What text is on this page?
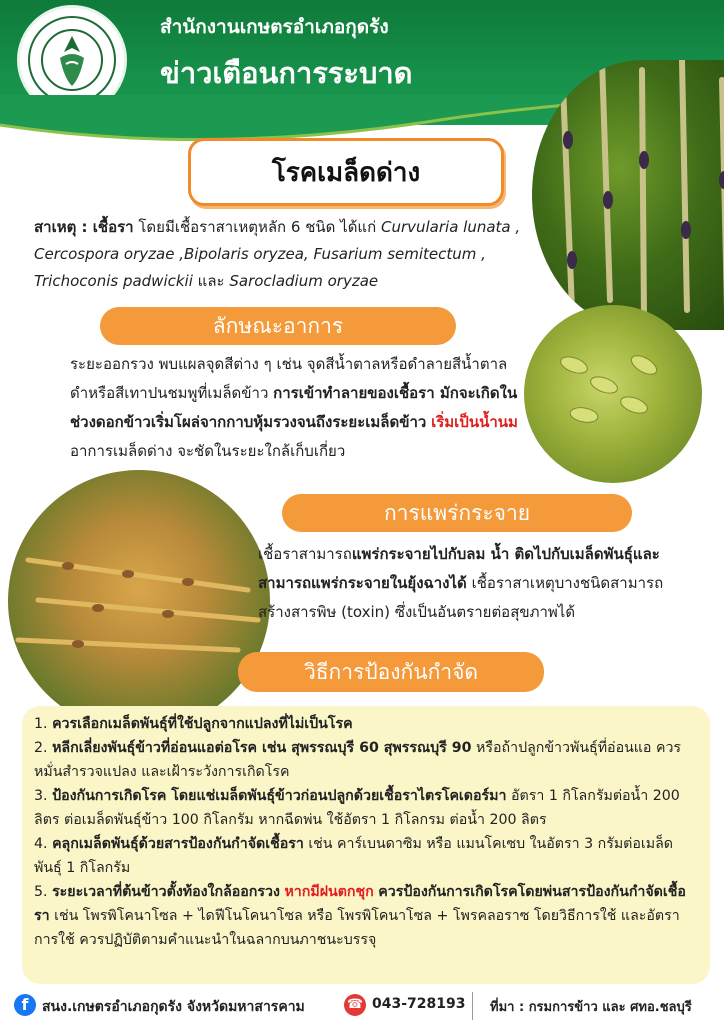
สำนักงานเกษตรอำเภอกุดรัง
ข่าวเตือนการระบาด
โรคเมล็ดด่าง
สาเหตุ : เชื้อรา โดยมีเชื้อราสาเหตุหลัก 6 ชนิด ได้แก่ Curvularia lunata ,
Cercospora oryzae ,Bipolaris oryzea, Fusarium semitectum ,
Trichoconis padwickii และ Sarocladium oryzae
ลักษณะอาการ
ระยะออกรวง พบแผลจุดสีต่าง ๆ เช่น จุดสีน้ำตาลหรือดำลายสีน้ำตาล
ดำหรือสีเทาปนชมพูที่เมล็ดข้าว การเข้าทำลายของเชื้อรา มักจะเกิดใน
ช่วงดอกข้าวเริ่มโผล่จากกาบหุ้มรวงจนถึงระยะเมล็ดข้าว เริ่มเป็นน้ำนม
อาการเมล็ดด่าง จะชัดในระยะใกล้เก็บเกี่ยว
การแพร่กระจาย
เชื้อราสามารถแพร่กระจายไปกับลม น้ำ ติดไปกับเมล็ดพันธุ์และ
สามารถแพร่กระจายในยุ้งฉางได้ เชื้อราสาเหตุบางชนิดสามารถ
สร้างสารพิษ (toxin) ซึ่งเป็นอันตรายต่อสุขภาพได้
วิธีการป้องกันกำจัด
1. ควรเลือกเมล็ดพันธุ์ที่ใช้ปลูกจากแปลงที่ไม่เป็นโรค
2. หลีกเลี่ยงพันธุ์ข้าวที่อ่อนแอต่อโรค เช่น สุพรรณบุรี 60 สุพรรณบุรี 90 หรือถ้าปลูกข้าวพันธุ์ที่อ่อนแอ ควรหมั่นสำรวจแปลง และเฝ้าระวังการเกิดโรค
3. ป้องกันการเกิดโรค โดยแช่เมล็ดพันธุ์ข้าวก่อนปลูกด้วยเชื้อราไตรโคเดอร์มา อัตรา 1 กิโลกรัมต่อน้ำ 200 ลิตร ต่อเมล็ดพันธุ์ข้าว 100 กิโลกรัม หากฉีดพ่น ใช้อัตรา 1 กิโลกรม ต่อน้ำ 200 ลิตร
4. คลุกเมล็ดพันธุ์ด้วยสารป้องกันกำจัดเชื้อรา เช่น คาร์เบนดาซิม หรือ แมนโคเซบ ในอัตรา 3 กรัมต่อเมล็ดพันธุ์ 1 กิโลกรัม
5. ระยะเวลาที่ต้นข้าวตั้งท้องใกล้ออกรวง หากมีฝนตกชุก ควรป้องกันการเกิดโรคโดยพ่นสารป้องกันกำจัดเชื้อรา เช่น โพรพิโคนาโซล + ไดฟีโนโคนาโซล หรือ โพรพิโคนาโซล + โพรคลอราซ โดยวิธีการใช้ และอัตราการใช้ ควรปฏิบัติตามคำแนะนำในฉลากบนภาชนะบรรจุ
f สนง.เกษตรอำเภอกุดรัง จังหวัดมหาสารคาม	☎ 043-728193 ที่มา : กรมการข้าว และ ศทอ.ชลบุรี
